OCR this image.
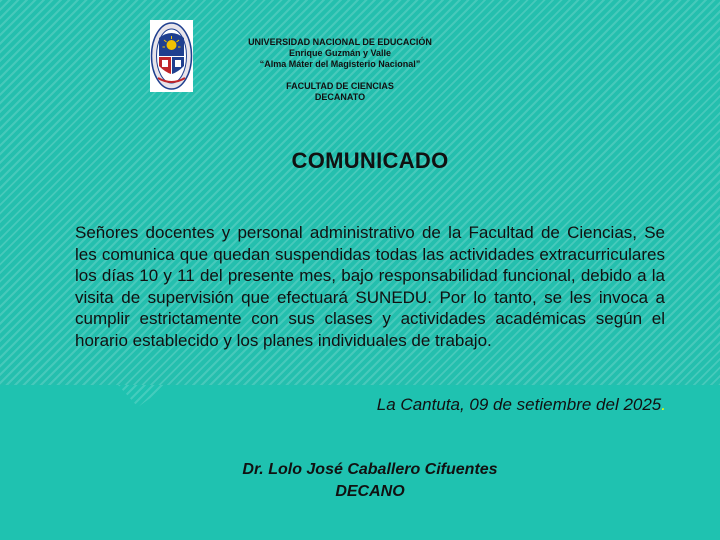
UNIVERSIDAD NACIONAL DE EDUCACIÓN
Enrique Guzmán y Valle
“Alma Máter del Magisterio Nacional”
FACULTAD DE CIENCIAS
DECANATO
COMUNICADO
Señores docentes y personal administrativo de la Facultad de Ciencias, Se les comunica que quedan suspendidas todas las actividades extracurriculares los días 10 y 11 del presente mes, bajo responsabilidad funcional, debido a la visita de supervisión que efectuará SUNEDU. Por lo tanto, se les invoca a cumplir estrictamente con sus clases y actividades académicas según el horario establecido y los planes individuales de trabajo.
La Cantuta, 09 de setiembre del 2025.
Dr. Lolo José Caballero Cifuentes
DECANO
